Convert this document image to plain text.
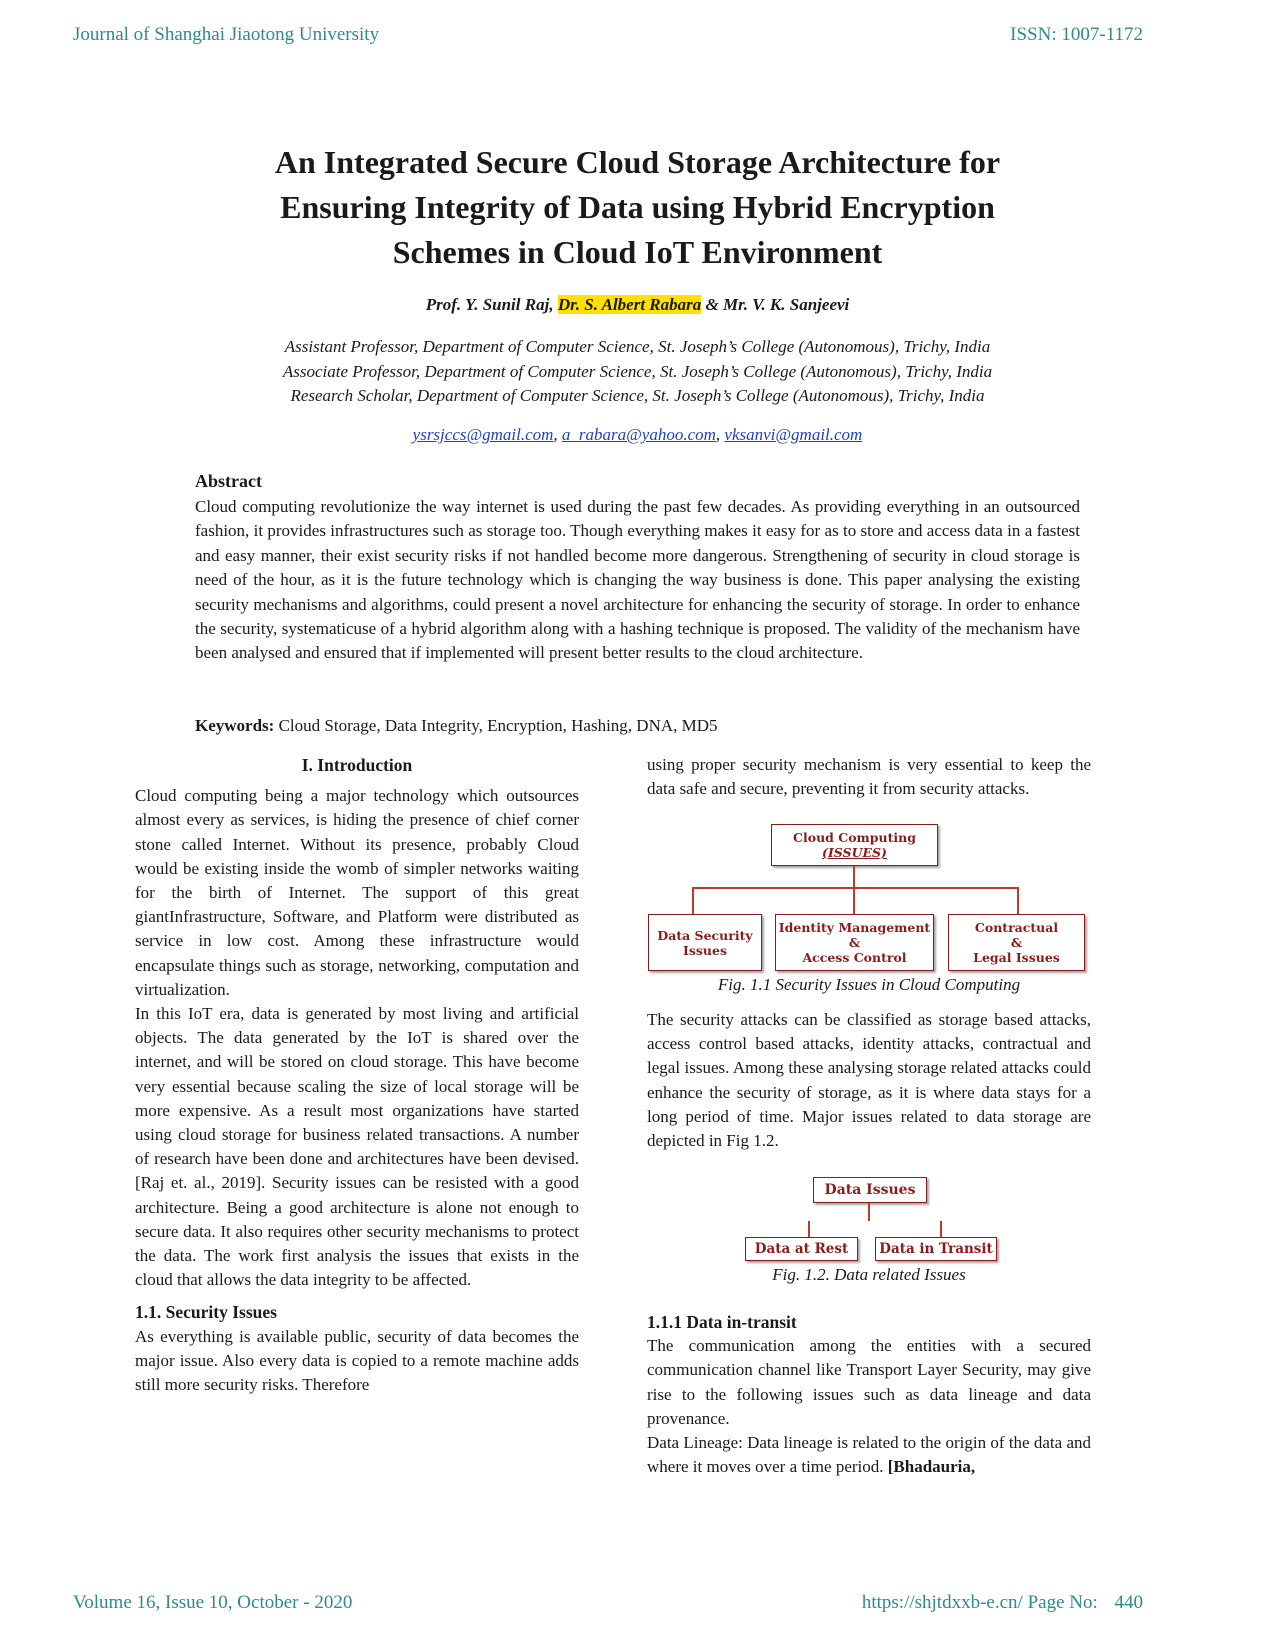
Journal of Shanghai Jiaotong University	ISSN: 1007-1172
An Integrated Secure Cloud Storage Architecture for
Ensuring Integrity of Data using Hybrid Encryption
Schemes in Cloud IoT Environment
Prof. Y. Sunil Raj, Dr. S. Albert Rabara & Mr. V. K. Sanjeevi
Assistant Professor, Department of Computer Science, St. Joseph’s College (Autonomous), Trichy, India
Associate Professor, Department of Computer Science, St. Joseph’s College (Autonomous), Trichy, India
Research Scholar, Department of Computer Science, St. Joseph’s College (Autonomous), Trichy, India
ysrsjccs@gmail.com, a_rabara@yahoo.com, vksanvi@gmail.com
Abstract
Cloud computing revolutionize the way internet is used during the past few decades. As providing everything in an outsourced fashion, it provides infrastructures such as storage too. Though everything makes it easy for as to store and access data in a fastest and easy manner, their exist security risks if not handled become more dangerous. Strengthening of security in cloud storage is need of the hour, as it is the future technology which is changing the way business is done. This paper analysing the existing security mechanisms and algorithms, could present a novel architecture for enhancing the security of storage. In order to enhance the security, systematicuse of a hybrid algorithm along with a hashing technique is proposed. The validity of the mechanism have been analysed and ensured that if implemented will present better results to the cloud architecture.
Keywords: Cloud Storage, Data Integrity, Encryption, Hashing, DNA, MD5

I. Introduction

Cloud computing being a major technology which outsources almost every as services, is hiding the presence of chief corner stone called Internet. Without its presence, probably Cloud would be existing inside the womb of simpler networks waiting for the birth of Internet. The support of this great giantInfrastructure, Software, and Platform were distributed as service in low cost. Among these infrastructure would encapsulate things such as storage, networking, computation and virtualization.

In this IoT era, data is generated by most living and artificial objects. The data generated by the IoT is shared over the internet, and will be stored on cloud storage. This have become very essential because scaling the size of local storage will be more expensive. As a result most organizations have started using cloud storage for business related transactions. A number of research have been done and architectures have been devised. [Raj et. al., 2019]. Security issues can be resisted with a good architecture. Being a good architecture is alone not enough to secure data. It also requires other security mechanisms to protect the data. The work first analysis the issues that exists in the cloud that allows the data integrity to be affected.

1.1. Security Issues

As everything is available public, security of data becomes the major issue. Also every data is copied to a remote machine adds still more security risks. Therefore

using proper security mechanism is very essential to keep the data safe and secure, preventing it from security attacks.

Cloud Computing
(ISSUES)
Data Security
Issues
Identity Management
&
Access Control
Contractual
&
Legal Issues
Fig. 1.1 Security Issues in Cloud Computing

The security attacks can be classified as storage based attacks, access control based attacks, identity attacks, contractual and legal issues. Among these analysing storage related attacks could enhance the security of storage, as it is where data stays for a long period of time. Major issues related to data storage are depicted in Fig 1.2.

Data Issues
Data at Rest	Data in Transit
Fig. 1.2. Data related Issues

1.1.1 Data in-transit

The communication among the entities with a secured communication channel like Transport Layer Security, may give rise to the following issues such as data lineage and data provenance.

Data Lineage: Data lineage is related to the origin of the data and where it moves over a time period. [Bhadauria,

Volume 16, Issue 10, October - 2020	https://shjtdxxb-e.cn/ Page No: 440
